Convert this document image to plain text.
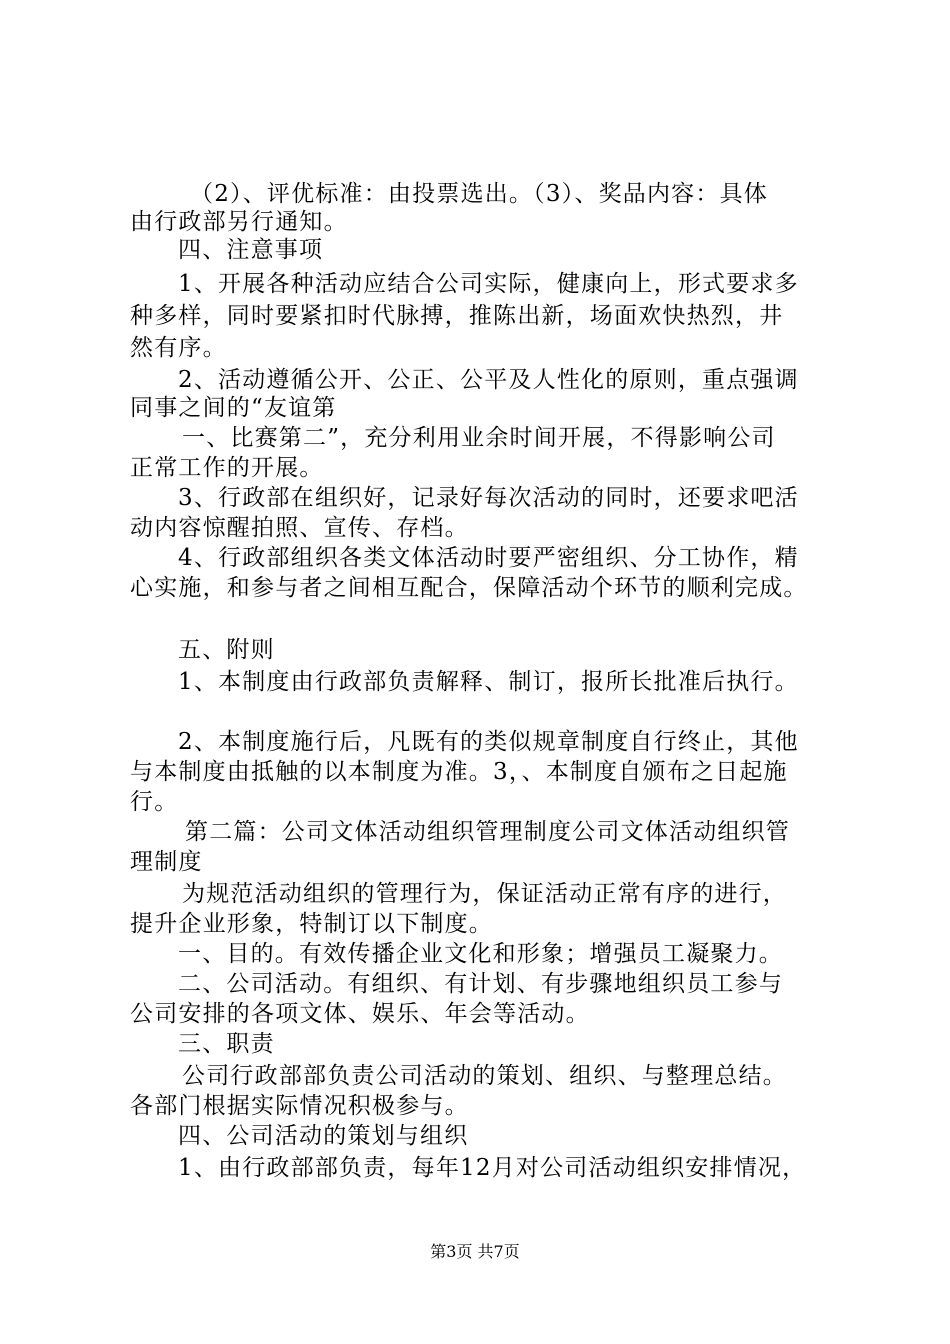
（2）、评优标准：由投票选出。（3）、奖品内容：具体
由行政部另行通知。
四、注意事项
1、开展各种活动应结合公司实际，健康向上，形式要求多
种多样，同时要紧扣时代脉搏，推陈出新，场面欢快热烈，井
然有序。
2、活动遵循公开、公正、公平及人性化的原则，重点强调
同事之间的“友谊第
一、比赛第二”，充分利用业余时间开展，不得影响公司
正常工作的开展。
3、行政部在组织好，记录好每次活动的同时，还要求吧活
动内容惊醒拍照、宣传、存档。
4、行政部组织各类文体活动时要严密组织、分工协作，精
心实施，和参与者之间相互配合，保障活动个环节的顺利完成。
五、附则
1、本制度由行政部负责解释、制订，报所长批准后执行。
2、本制度施行后，凡既有的类似规章制度自行终止，其他
与本制度由抵触的以本制度为准。3，、本制度自颁布之日起施
行。
第二篇：公司文体活动组织管理制度公司文体活动组织管
理制度
为规范活动组织的管理行为，保证活动正常有序的进行，
提升企业形象，特制订以下制度。
一、目的。有效传播企业文化和形象；增强员工凝聚力。
二、公司活动。有组织、有计划、有步骤地组织员工参与
公司安排的各项文体、娱乐、年会等活动。
三、职责
公司行政部部负责公司活动的策划、组织、与整理总结。
各部门根据实际情况积极参与。
四、公司活动的策划与组织
1、由行政部部负责，每年12月对公司活动组织安排情况，
第3页 共7页
